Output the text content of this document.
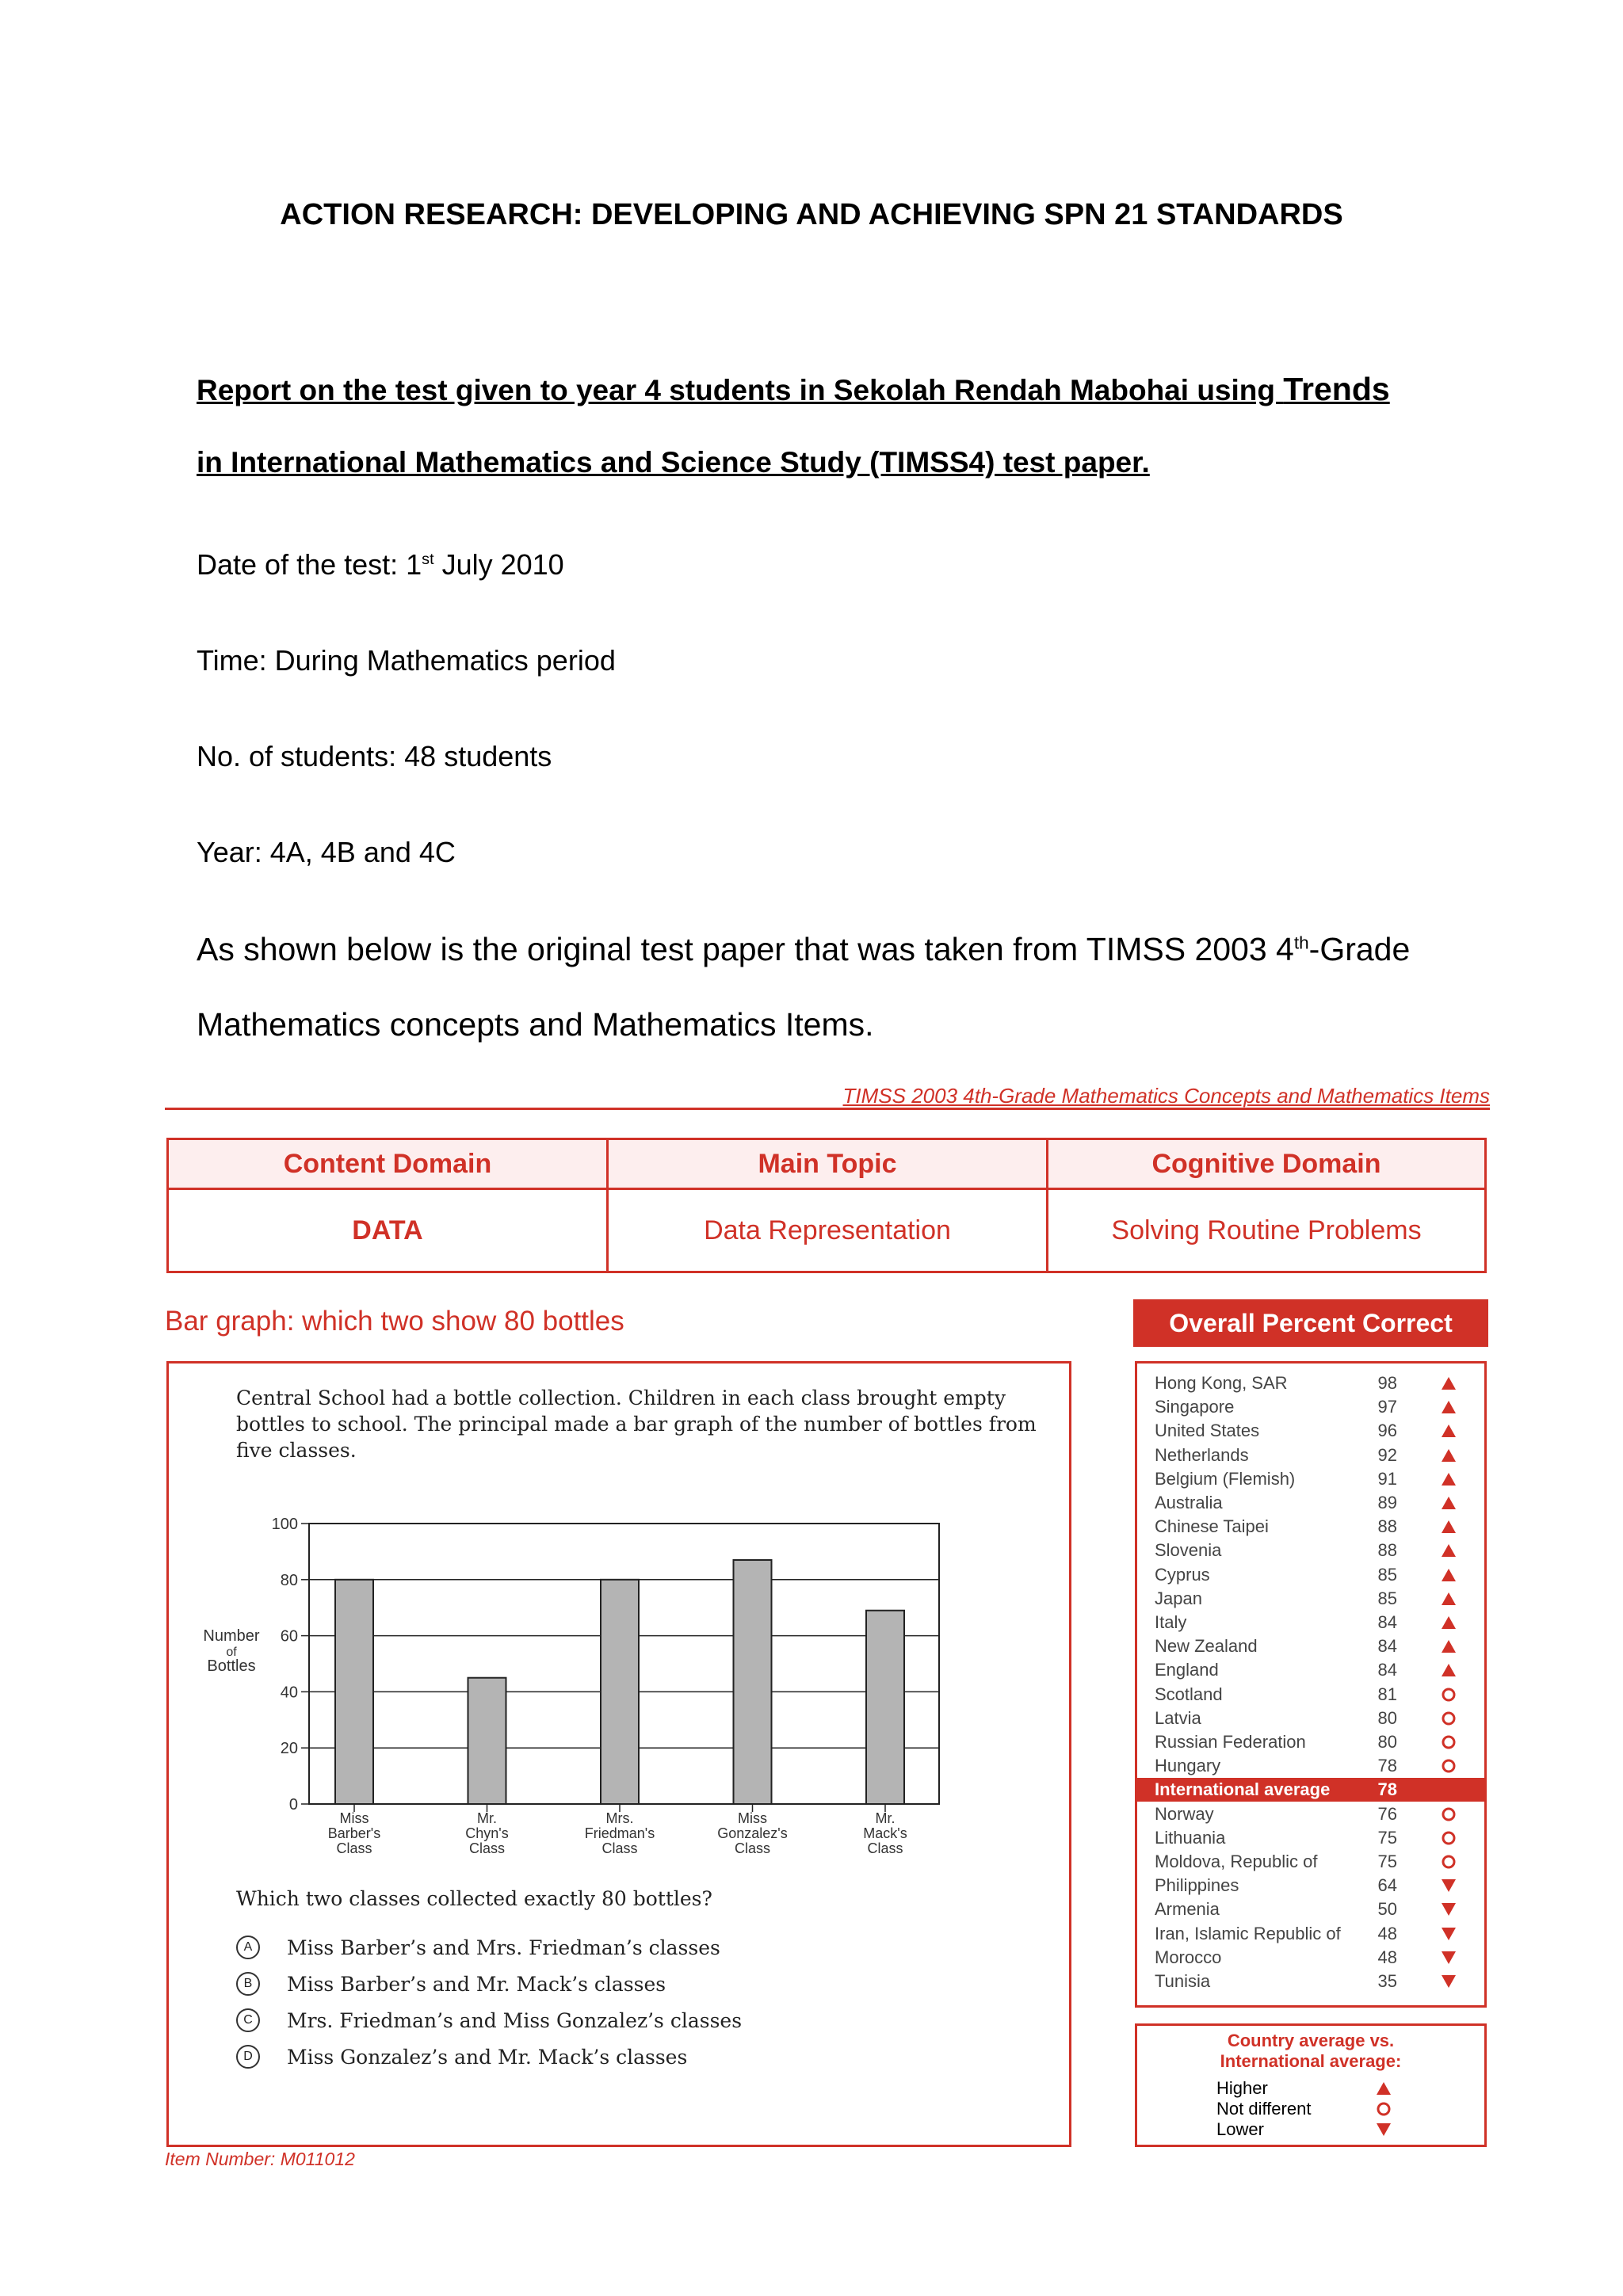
ACTION RESEARCH: DEVELOPING AND ACHIEVING SPN 21 STANDARDS
Report on the test given to year 4 students in Sekolah Rendah Mabohai using Trends
in International Mathematics and Science Study (TIMSS4) test paper.
Date of the test: 1st July 2010
Time: During Mathematics period
No. of students: 48 students
Year: 4A, 4B and 4C
As shown below is the original test paper that was taken from TIMSS 2003 4th-Grade
Mathematics concepts and Mathematics Items.
TIMSS 2003 4th-Grade Mathematics Concepts and Mathematics Items
Content Domain	Main Topic	Cognitive Domain
DATA	Data Representation	Solving Routine Problems
Bar graph: which two show 80 bottles
Central School had a bottle collection. Children in each class brought empty bottles to school. The principal made a bar graph of the number of bottles from five classes.
0
20
40
60
80
100
Number
of
Bottles
Miss
Barber's
Class
Mr.
Chyn's
Class
Mrs.
Friedman's
Class
Miss
Gonzalez's
Class
Mr.
Mack's
Class
Which two classes collected exactly 80 bottles?
A	Miss Barber’s and Mrs. Friedman’s classes
B	Miss Barber’s and Mr. Mack’s classes
C	Mrs. Friedman’s and Miss Gonzalez’s classes
D	Miss Gonzalez’s and Mr. Mack’s classes
Item Number: M011012
Overall Percent Correct
Hong Kong, SAR	98
Singapore	97
United States	96
Netherlands	92
Belgium (Flemish)	91
Australia	89
Chinese Taipei	88
Slovenia	88
Cyprus	85
Japan	85
Italy	84
New Zealand	84
England	84
Scotland	81
Latvia	80
Russian Federation	80
Hungary	78
International average	78
Norway	76
Lithuania	75
Moldova, Republic of	75
Philippines	64
Armenia	50
Iran, Islamic Republic of	48
Morocco	48
Tunisia	35
Country average vs.
International average:
Higher
Not different
Lower
